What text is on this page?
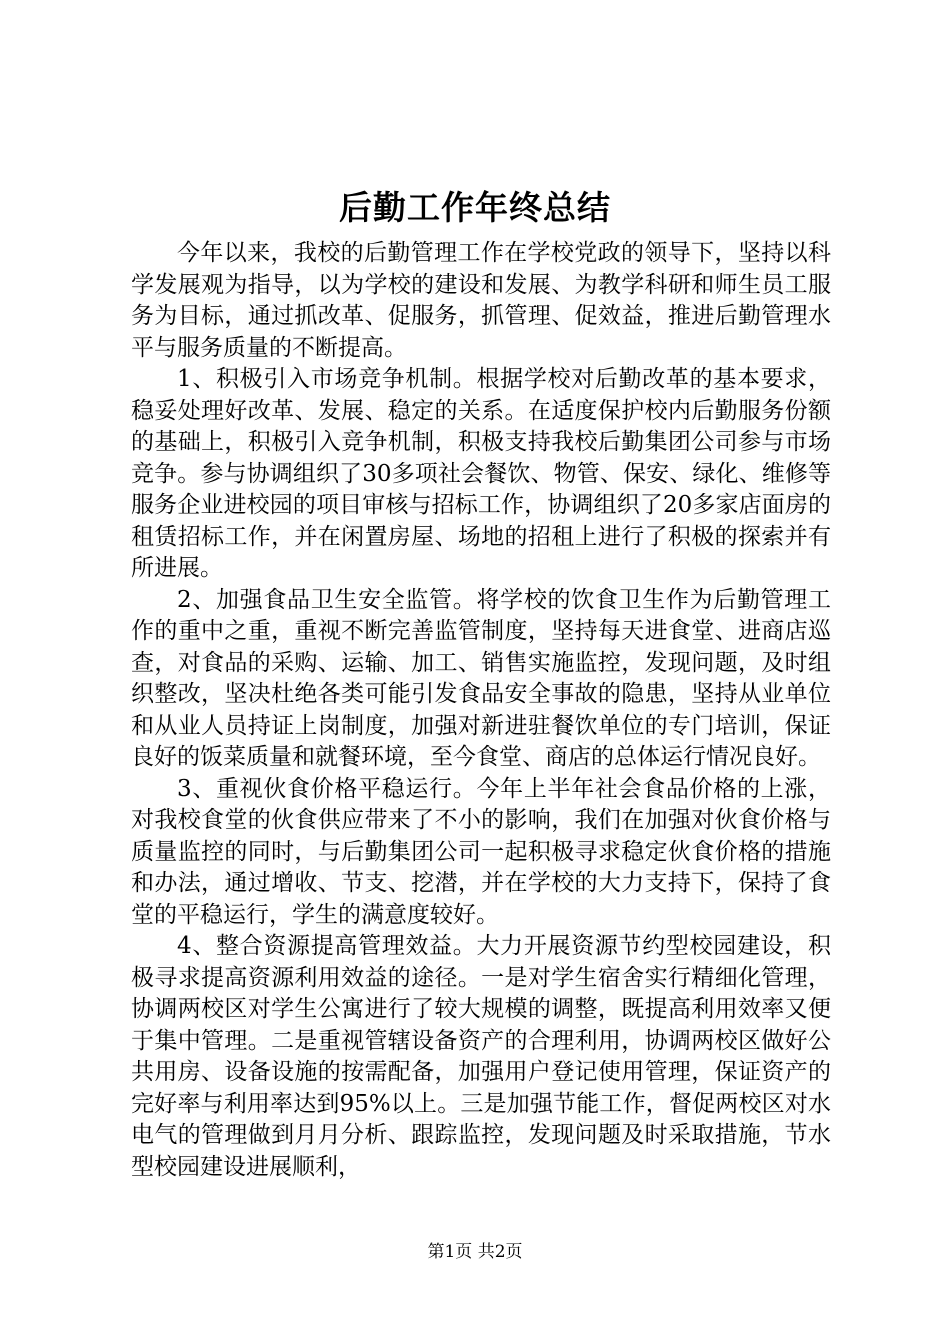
后勤工作年终总结

今年以来，我校的后勤管理工作在学校党政的领导下，坚持以科学发展观为指导，以为学校的建设和发展、为教学科研和师生员工服务为目标，通过抓改革、促服务，抓管理、促效益，推进后勤管理水平与服务质量的不断提高。

1、积极引入市场竞争机制。根据学校对后勤改革的基本要求，稳妥处理好改革、发展、稳定的关系。在适度保护校内后勤服务份额的基础上，积极引入竞争机制，积极支持我校后勤集团公司参与市场竞争。参与协调组织了30多项社会餐饮、物管、保安、绿化、维修等服务企业进校园的项目审核与招标工作，协调组织了20多家店面房的租赁招标工作，并在闲置房屋、场地的招租上进行了积极的探索并有所进展。

2、加强食品卫生安全监管。将学校的饮食卫生作为后勤管理工作的重中之重，重视不断完善监管制度，坚持每天进食堂、进商店巡查，对食品的采购、运输、加工、销售实施监控，发现问题，及时组织整改，坚决杜绝各类可能引发食品安全事故的隐患，坚持从业单位和从业人员持证上岗制度，加强对新进驻餐饮单位的专门培训，保证良好的饭菜质量和就餐环境，至今食堂、商店的总体运行情况良好。

3、重视伙食价格平稳运行。今年上半年社会食品价格的上涨，对我校食堂的伙食供应带来了不小的影响，我们在加强对伙食价格与质量监控的同时，与后勤集团公司一起积极寻求稳定伙食价格的措施和办法，通过增收、节支、挖潜，并在学校的大力支持下，保持了食堂的平稳运行，学生的满意度较好。

4、整合资源提高管理效益。大力开展资源节约型校园建设，积极寻求提高资源利用效益的途径。一是对学生宿舍实行精细化管理，协调两校区对学生公寓进行了较大规模的调整，既提高利用效率又便于集中管理。二是重视管辖设备资产的合理利用，协调两校区做好公共用房、设备设施的按需配备，加强用户登记使用管理，保证资产的完好率与利用率达到95%以上。三是加强节能工作，督促两校区对水电气的管理做到月月分析、跟踪监控，发现问题及时采取措施，节水型校园建设进展顺利，

第1页 共2页
